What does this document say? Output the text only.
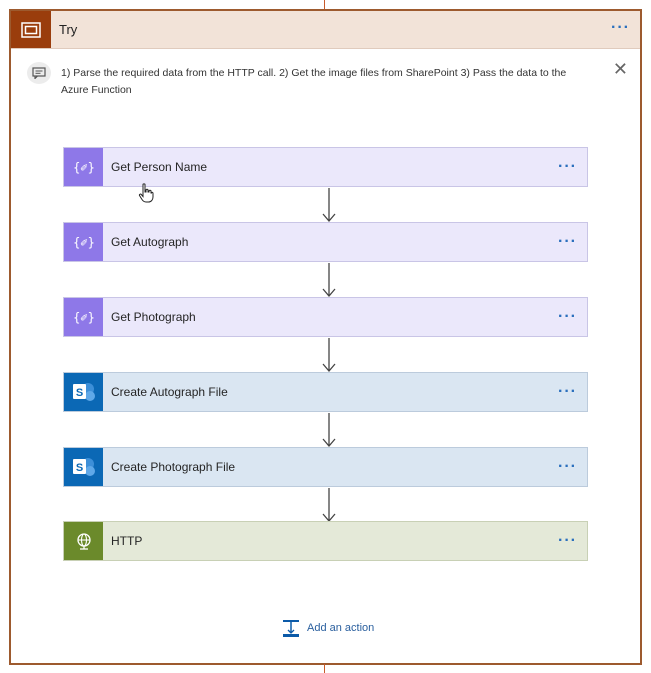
Try	···
1) Parse the required data from the HTTP call. 2) Get the image files from SharePoint 3) Pass the data to the Azure Function
✕
{✐} Get Person Name	···
{✐} Get Autograph	···
{✐} Get Photograph	···
S Create Autograph File	···
S Create Photograph File	···
HTTP	···
Add an action
